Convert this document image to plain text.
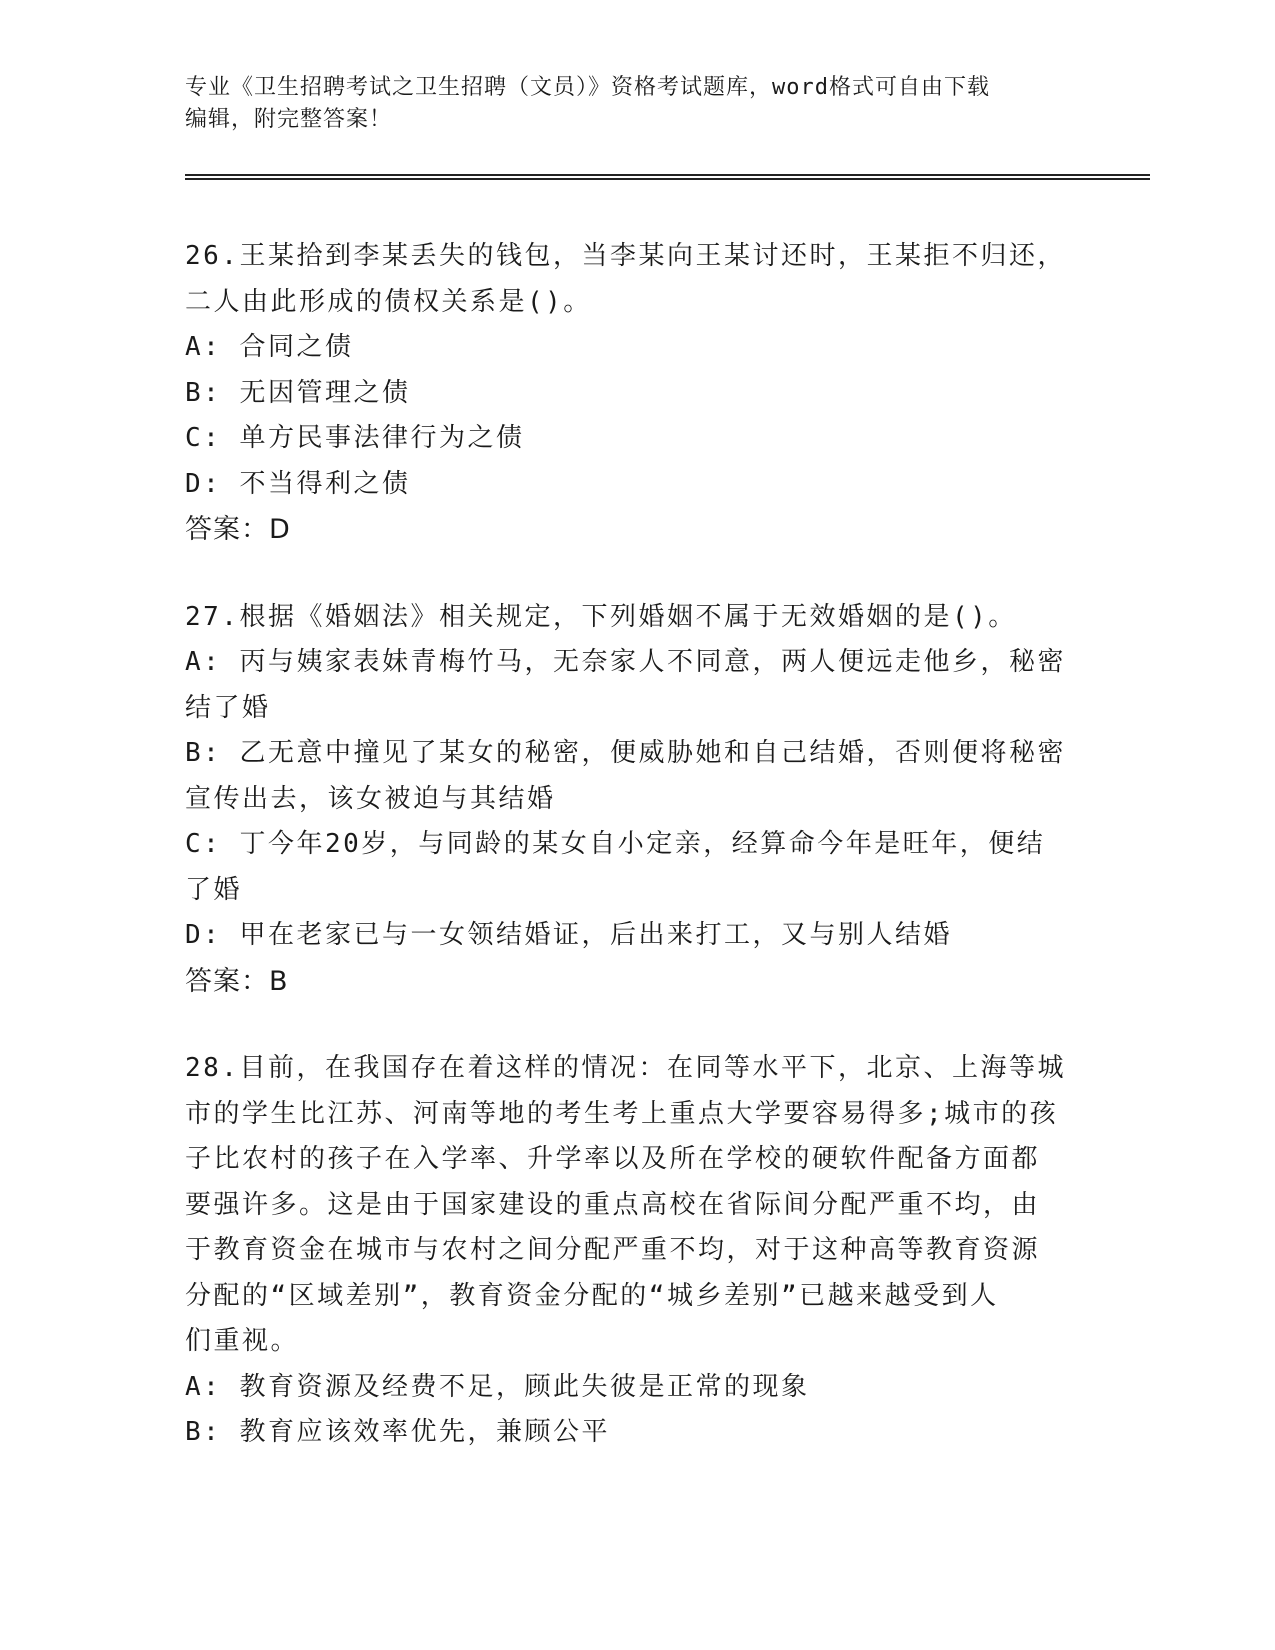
专业《卫生招聘考试之卫生招聘（文员）》资格考试题库，word格式可自由下载
编辑，附完整答案！
26.王某拾到李某丢失的钱包，当李某向王某讨还时，王某拒不归还，
二人由此形成的债权关系是()。
A: 合同之债
B: 无因管理之债
C: 单方民事法律行为之债
D: 不当得利之债
答案：D
27.根据《婚姻法》相关规定，下列婚姻不属于无效婚姻的是()。
A: 丙与姨家表妹青梅竹马，无奈家人不同意，两人便远走他乡，秘密
结了婚
B: 乙无意中撞见了某女的秘密，便威胁她和自己结婚，否则便将秘密
宣传出去，该女被迫与其结婚
C: 丁今年20岁，与同龄的某女自小定亲，经算命今年是旺年，便结
了婚
D: 甲在老家已与一女领结婚证，后出来打工，又与别人结婚
答案：B
28.目前，在我国存在着这样的情况：在同等水平下，北京、上海等城
市的学生比江苏、河南等地的考生考上重点大学要容易得多;城市的孩
子比农村的孩子在入学率、升学率以及所在学校的硬软件配备方面都
要强许多。这是由于国家建设的重点高校在省际间分配严重不均，由
于教育资金在城市与农村之间分配严重不均，对于这种高等教育资源
分配的“区域差别”，教育资金分配的“城乡差别”已越来越受到人
们重视。
A: 教育资源及经费不足，顾此失彼是正常的现象
B: 教育应该效率优先，兼顾公平
